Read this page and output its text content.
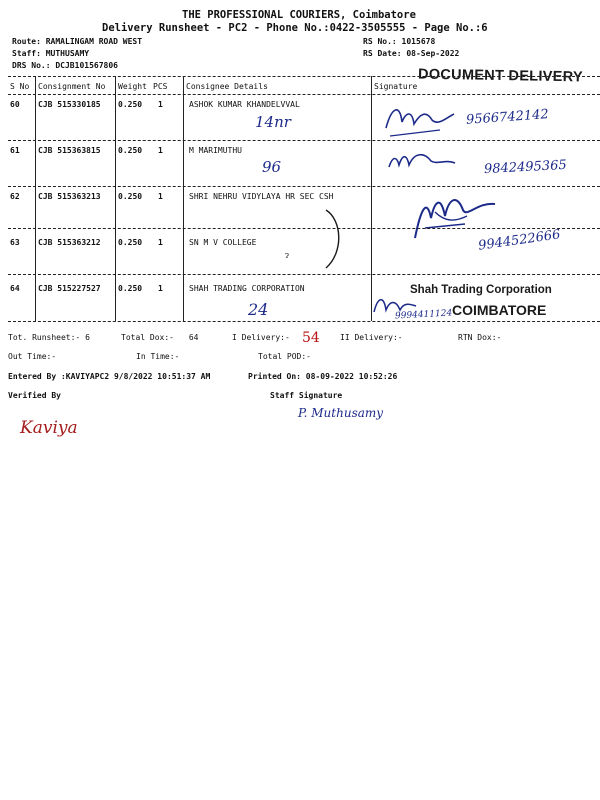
THE PROFESSIONAL COURIERS, Coimbatore
Delivery Runsheet - PC2 - Phone No.:0422-3505555 - Page No.:6
Route: RAMALINGAM ROAD WEST
Staff: MUTHUSAMY
DRS No.: DCJB101567806
RS No.: 1015678
RS Date: 08-Sep-2022
DOCUMENT DELIVERY
S No Consignment No Weight PCS Consignee Details	Signature
60 CJB 515330185 0.250 1	ASHOK KUMAR KHANDELVVAL
14nr	9566742142
61 CJB 515363815 0.250 1	M MARIMUTHU
96	9842495365
62 CJB 515363213 0.250 1	SHRI NEHRU VIDYLAYA HR SEC CSH
63 CJB 515363212 0.250 1	SN M V COLLEGE
ɂ
9944522666
64 CJB 515227527 0.250 1	SHAH TRADING CORPORATION
24
Shah Trading Corporation
COIMBATORE
9994411124
Tot. Runsheet:- 6	Total Dox:- 64	I Delivery:- 54	II Delivery:-	RTN Dox:-
Out Time:-	In Time:-	Total POD:-
Entered By :KAVIYAPC2 9/8/2022 10:51:37 AM	Printed On: 08-09-2022 10:52:26
Verified By	Staff Signature
Kaviya
P. Muthusamy
